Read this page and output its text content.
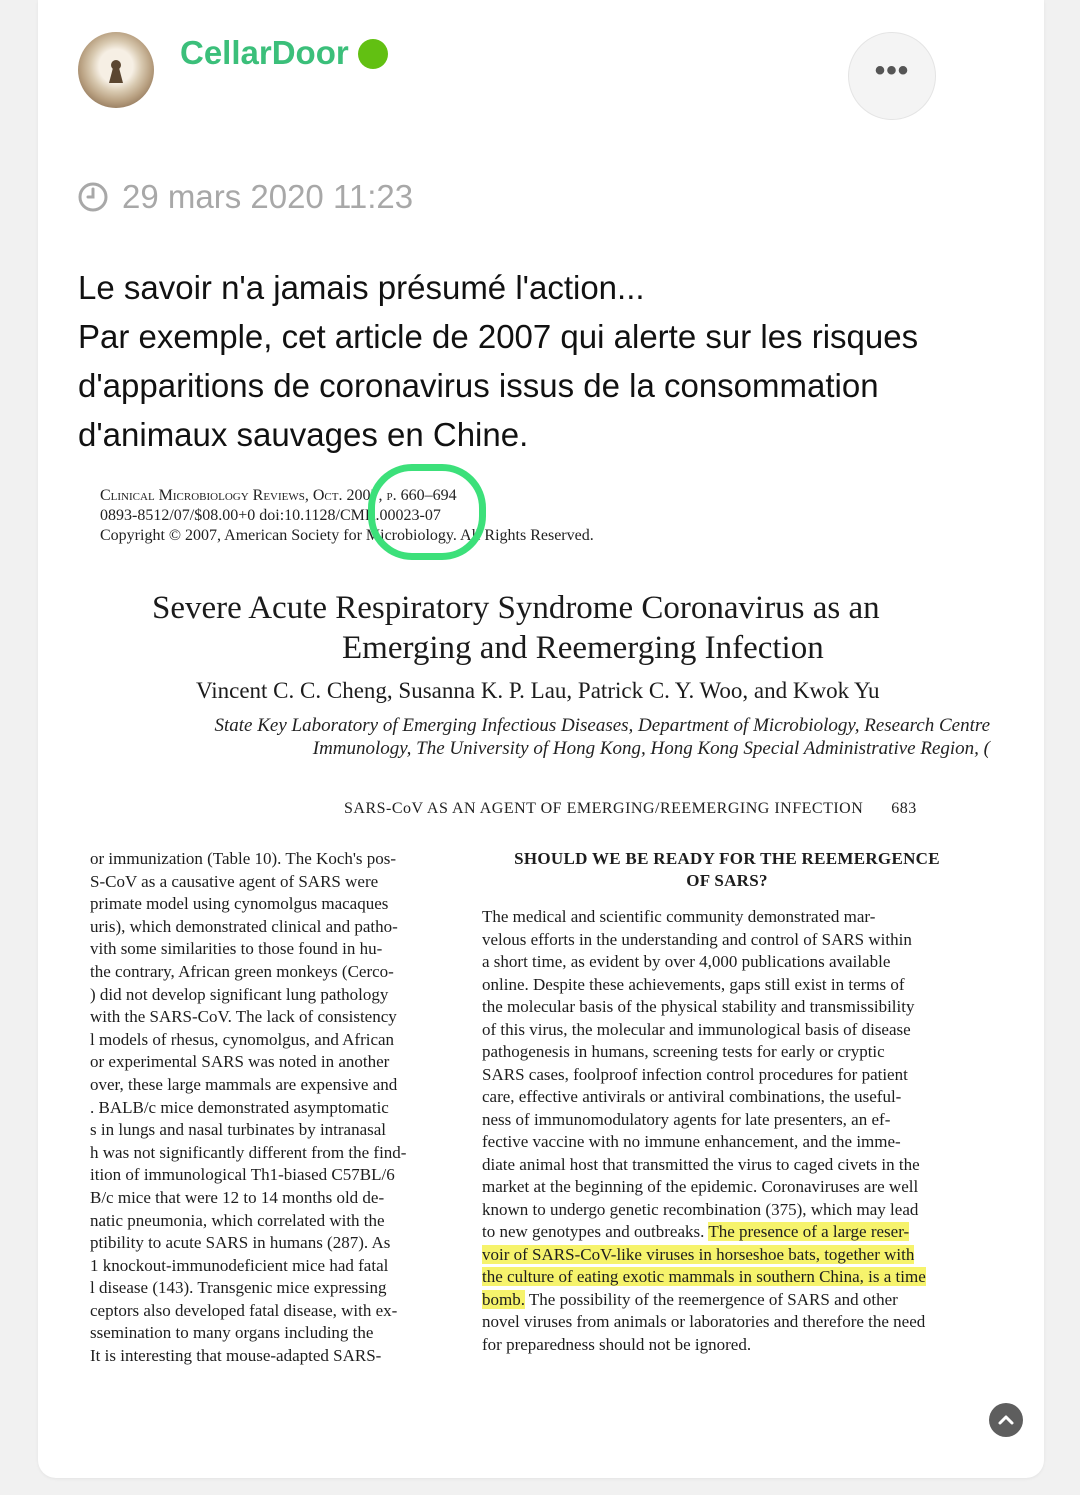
CellarDoor	•••
29 mars 2020 11:23
Le savoir n'a jamais présumé l'action...
Par exemple, cet article de 2007 qui alerte sur les risques
d'apparitions de coronavirus issus de la consommation
d'animaux sauvages en Chine.
Clinical Microbiology Reviews, Oct. 2007, p. 660–694
0893-8512/07/$08.00+0 doi:10.1128/CMR.00023-07
Copyright © 2007, American Society for Microbiology. All Rights Reserved.
Severe Acute Respiratory Syndrome Coronavirus as an
Emerging and Reemerging Infection
Vincent C. C. Cheng, Susanna K. P. Lau, Patrick C. Y. Woo, and Kwok Yu
State Key Laboratory of Emerging Infectious Diseases, Department of Microbiology, Research Centre
Immunology, The University of Hong Kong, Hong Kong Special Administrative Region, (
SARS-CoV AS AN AGENT OF EMERGING/REEMERGING INFECTION 683
or immunization (Table 10). The Koch's pos-
S-CoV as a causative agent of SARS were
primate model using cynomolgus macaques
uris), which demonstrated clinical and patho-
vith some similarities to those found in hu-
the contrary, African green monkeys (Cerco-
) did not develop significant lung pathology
with the SARS-CoV. The lack of consistency
l models of rhesus, cynomolgus, and African
or experimental SARS was noted in another
over, these large mammals are expensive and
. BALB/c mice demonstrated asymptomatic
s in lungs and nasal turbinates by intranasal
h was not significantly different from the find-
ition of immunological Th1-biased C57BL/6
B/c mice that were 12 to 14 months old de-
natic pneumonia, which correlated with the
ptibility to acute SARS in humans (287). As
1 knockout-immunodeficient mice had fatal
l disease (143). Transgenic mice expressing
ceptors also developed fatal disease, with ex-
ssemination to many organs including the
It is interesting that mouse-adapted SARS-
SHOULD WE BE READY FOR THE REEMERGENCE
OF SARS?
The medical and scientific community demonstrated mar-
velous efforts in the understanding and control of SARS within
a short time, as evident by over 4,000 publications available
online. Despite these achievements, gaps still exist in terms of
the molecular basis of the physical stability and transmissibility
of this virus, the molecular and immunological basis of disease
pathogenesis in humans, screening tests for early or cryptic
SARS cases, foolproof infection control procedures for patient
care, effective antivirals or antiviral combinations, the useful-
ness of immunomodulatory agents for late presenters, an ef-
fective vaccine with no immune enhancement, and the imme-
diate animal host that transmitted the virus to caged civets in the
market at the beginning of the epidemic. Coronaviruses are well
known to undergo genetic recombination (375), which may lead
to new genotypes and outbreaks. The presence of a large reser-
voir of SARS-CoV-like viruses in horseshoe bats, together with
the culture of eating exotic mammals in southern China, is a time
bomb. The possibility of the reemergence of SARS and other
novel viruses from animals or laboratories and therefore the need
for preparedness should not be ignored.
